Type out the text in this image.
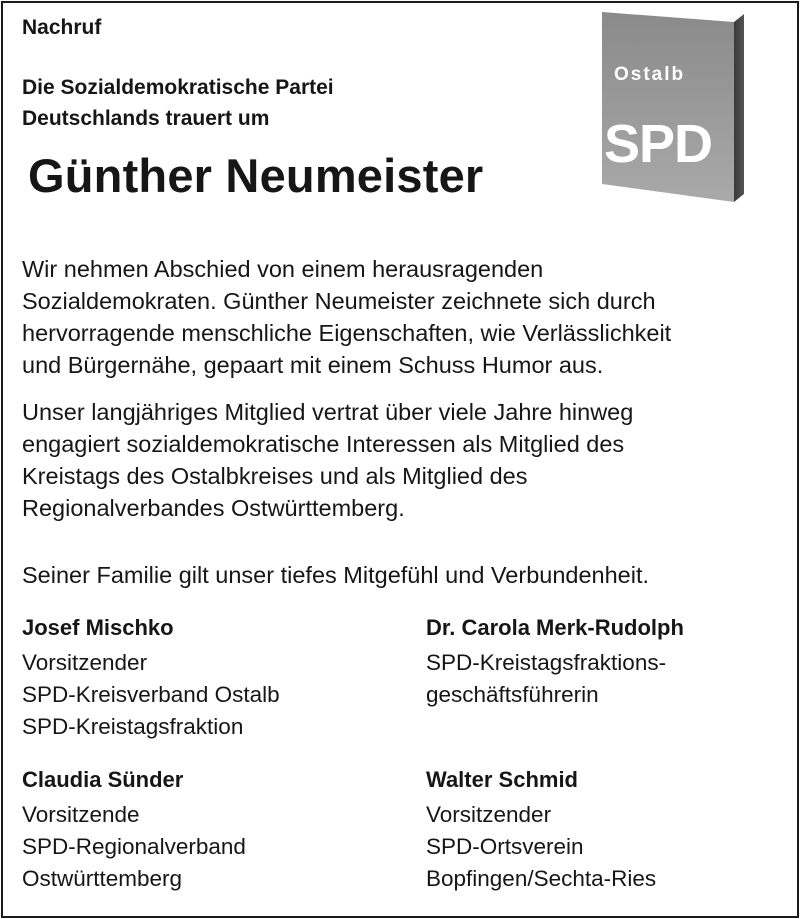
Nachruf
Die Sozialdemokratische Partei
Deutschlands trauert um
Günther Neumeister
Ostalb
SPD
Wir nehmen Abschied von einem herausragenden
Sozialdemokraten. Günther Neumeister zeichnete sich durch
hervorragende menschliche Eigenschaften, wie Verlässlichkeit
und Bürgernähe, gepaart mit einem Schuss Humor aus.
Unser langjähriges Mitglied vertrat über viele Jahre hinweg
engagiert sozialdemokratische Interessen als Mitglied des
Kreistags des Ostalbkreises und als Mitglied des
Regionalverbandes Ostwürttemberg.
Seiner Familie gilt unser tiefes Mitgefühl und Verbundenheit.
Josef Mischko
Vorsitzender
SPD-Kreisverband Ostalb
SPD-Kreistagsfraktion
Dr. Carola Merk-Rudolph
SPD-Kreistagsfraktions-
geschäftsführerin
Claudia Sünder
Vorsitzende
SPD-Regionalverband
Ostwürttemberg
Walter Schmid
Vorsitzender
SPD-Ortsverein
Bopfingen/Sechta-Ries
